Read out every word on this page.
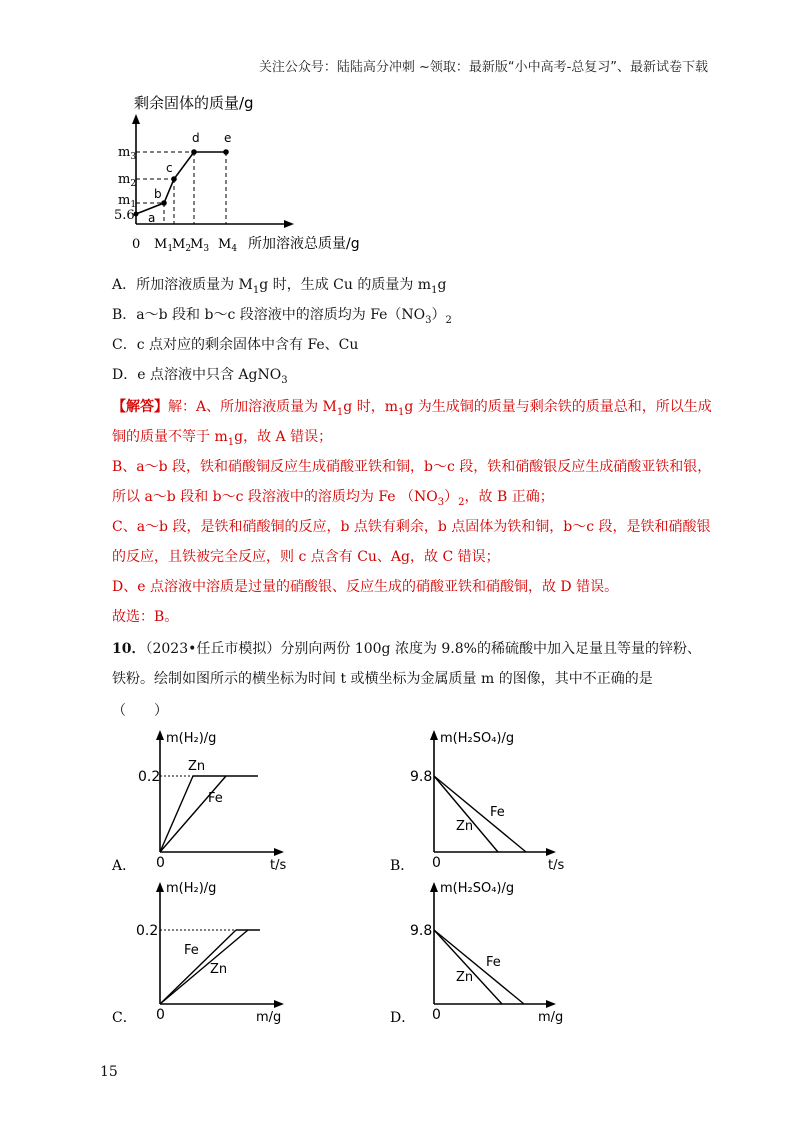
关注公众号：陆陆高分冲刺 ~领取：最新版“小中高考-总复习”、最新试卷下载
剩余固体的质量/g
$m_3$
$m_2$
$m_1$
5.6 a
b
c
d e
0 $M_1$
$M_2$
$M_3$ $M_4$ 所加溶液总质量/g
A．所加溶液质量为 $M_1g$ 时，生成 Cu 的质量为 $m_1g$
B．a～b 段和 b～c 段溶液中的溶质均为 $Fe(NO_3)_2$
C．c 点对应的剩余固体中含有 Fe、Cu
D．e 点溶液中只含 AgNO$_3$
【解答】解：A、所加溶液质量为 $M_1g$ 时，$m_1g$ 为生成铜的质量与剩余铁的质量总和，所以生成
铜的质量不等于 $m_1g$，故 A 错误；
B、a～b 段，铁和硝酸铜反应生成硝酸亚铁和铜，b～c 段，铁和硝酸银反应生成硝酸亚铁和银，
所以 a～b 段和 b～c 段溶液中的溶质均为 Fe $(NO_3)_2$，故 B 正确；
C、a～b 段，是铁和硝酸铜的反应，b 点铁有剩余，b 点固体为铁和铜，b～c 段，是铁和硝酸银
的反应，且铁被完全反应，则 c 点含有 Cu、Ag，故 C 错误；
D、e 点溶液中溶质是过量的硝酸银、反应生成的硝酸亚铁和硝酸铜，故 D 错误。
故选：B。
10．（2023•任丘市模拟）分别向两份 100g 浓度为 9.8%的稀硫酸中加入足量且等量的锌粉、
铁粉。绘制如图所示的横坐标为时间 t 或横坐标为金属质量 m 的图像，其中不正确的是
（　　）
m(H₂)/g
0.2
Zn
Fe
0
A．	t/s
m(H₂SO₄)/g
9.8
Fe
Zn
0
B．	t/s
m(H₂)/g
0.2
Fe
Zn
0
C．	m/g
m(H₂SO₄)/g
9.8
Fe
Zn
0
D．	m/g
15
